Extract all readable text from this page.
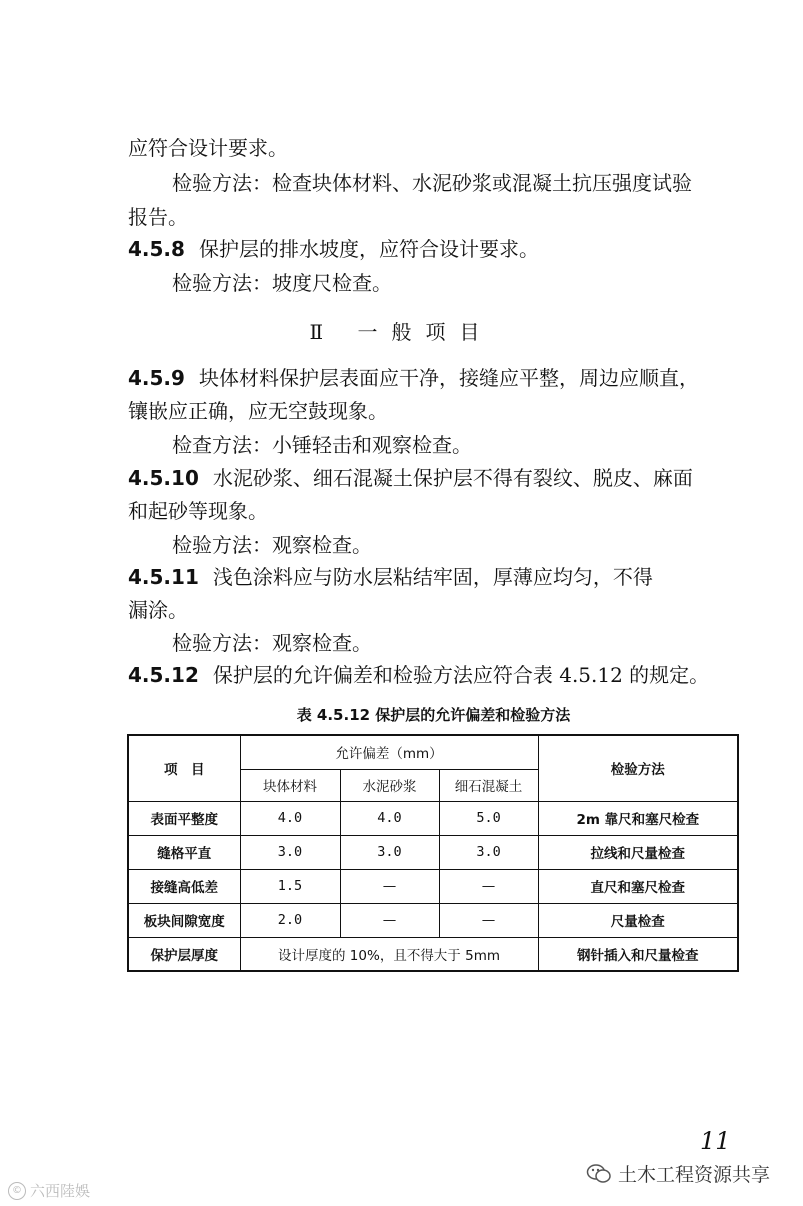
应符合设计要求。
检验方法：检查块体材料、水泥砂浆或混凝土抗压强度试验
报告。
4.5.8 保护层的排水坡度，应符合设计要求。
检验方法：坡度尺检查。
Ⅱ 一般项目
4.5.9 块体材料保护层表面应干净，接缝应平整，周边应顺直，
镶嵌应正确，应无空鼓现象。
检查方法：小锤轻击和观察检查。
4.5.10 水泥砂浆、细石混凝土保护层不得有裂纹、脱皮、麻面
和起砂等现象。
检验方法：观察检查。
4.5.11 浅色涂料应与防水层粘结牢固，厚薄应均匀，不得
漏涂。
检验方法：观察检查。
4.5.12 保护层的允许偏差和检验方法应符合表 4.5.12 的规定。
表 4.5.12 保护层的允许偏差和检验方法
项　目	允许偏差（mm）			检验方法
	块体材料	水泥砂浆	细石混凝土	
表面平整度	4.0	4.0	5.0	2m 靠尺和塞尺检查
缝格平直	3.0	3.0	3.0	拉线和尺量检查
接缝高低差	1.5	—	—	直尺和塞尺检查
板块间隙宽度	2.0	—	—	尺量检查
保护层厚度	设计厚度的 10%，且不得大于 5mm			钢针插入和尺量检查
11
土木工程资源共享
© 六西陸娛
